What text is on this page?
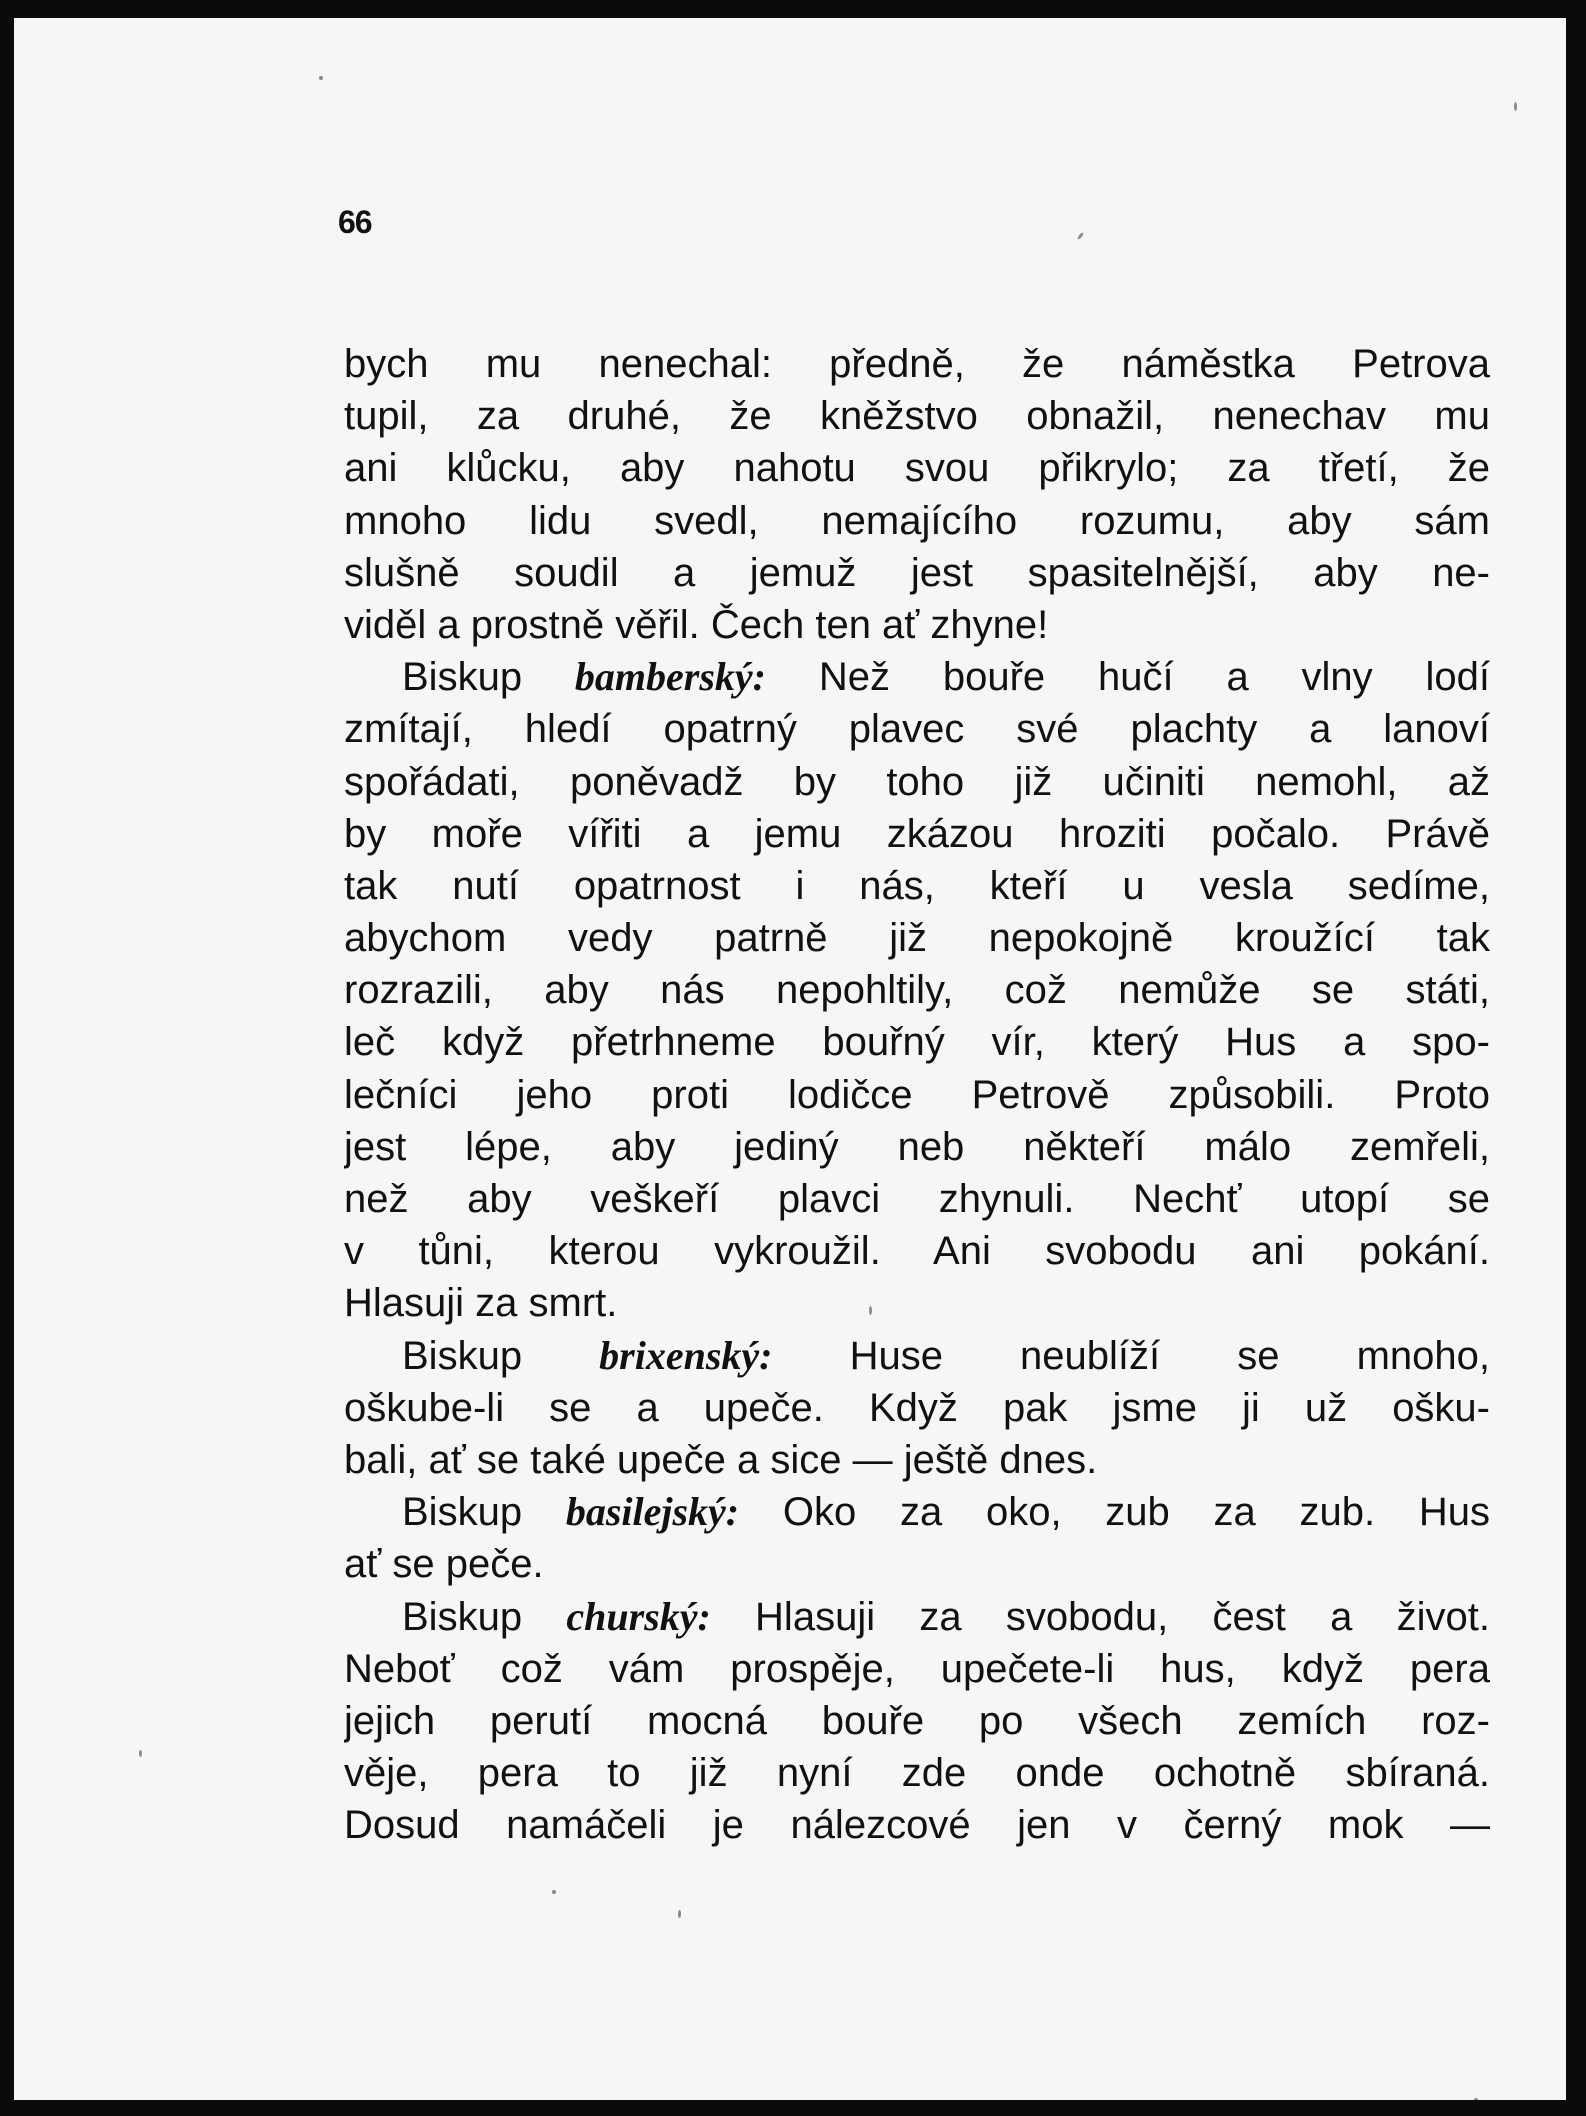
66
bych mu nenechal: předně, že náměstka Petrova
tupil, za druhé, že kněžstvo obnažil, nenechav mu
ani klůcku, aby nahotu svou přikrylo; za třetí, že
mnoho lidu svedl, nemajícího rozumu, aby sám
slušně soudil a jemuž jest spasitelnější, aby ne-
viděl a prostně věřil. Čech ten ať zhyne!
Biskup bamberský: Než bouře hučí a vlny lodí
zmítají, hledí opatrný plavec své plachty a lanoví
spořádati, poněvadž by toho již učiniti nemohl, až
by moře vířiti a jemu zkázou hroziti počalo. Právě
tak nutí opatrnost i nás, kteří u vesla sedíme,
abychom vedy patrně již nepokojně kroužící tak
rozrazili, aby nás nepohltily, což nemůže se státi,
leč když přetrhneme bouřný vír, který Hus a spo-
lečníci jeho proti lodičce Petrově způsobili. Proto
jest lépe, aby jediný neb někteří málo zemřeli,
než aby veškeří plavci zhynuli. Nechť utopí se
v tůni, kterou vykroužil. Ani svobodu ani pokání.
Hlasuji za smrt.
Biskup brixenský: Huse neublíží se mnoho,
oškube-li se a upeče. Když pak jsme ji už ošku-
bali, ať se také upeče a sice — ještě dnes.
Biskup basilejský: Oko za oko, zub za zub. Hus
ať se peče.
Biskup churský: Hlasuji za svobodu, čest a život.
Neboť což vám prospěje, upečete-li hus, když pera
jejich perutí mocná bouře po všech zemích roz-
věje, pera to již nyní zde onde ochotně sbíraná.
Dosud namáčeli je nálezcové jen v černý mok —
